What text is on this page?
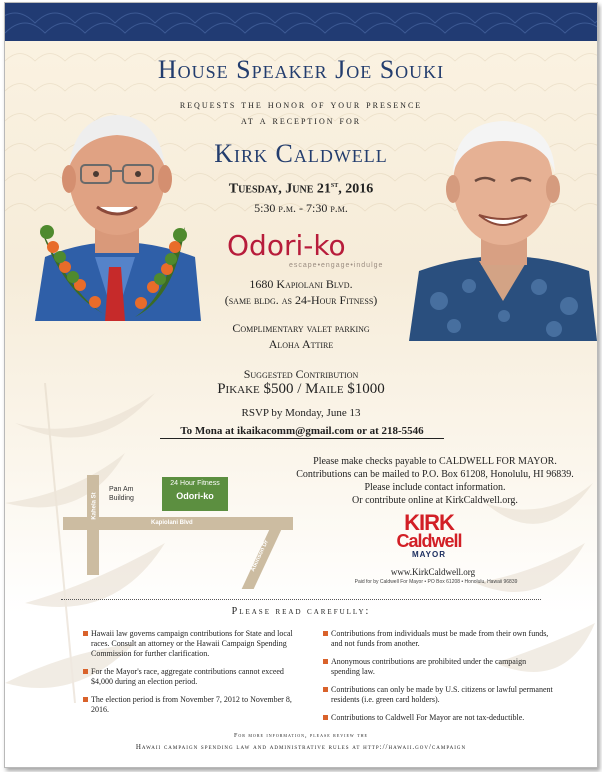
House Speaker Joe Souki
requests the honor of your presence
at a reception for
Kirk Caldwell
Tuesday, June 21st, 2016
5:30 p.m. - 7:30 p.m.
Odori-ko
escape•engage•indulge
1680 Kapiolani Blvd.
(same bldg. as 24-Hour Fitness)
Complimentary valet parking
Aloha Attire
Suggested Contribution
Pikake $500 / Maile $1000
RSVP by Monday, June 13
To Mona at ikaikacomm@gmail.com or at 218-5546
Please make checks payable to CALDWELL FOR MAYOR.
Contributions can be mailed to P.O. Box 61208, Honolulu, HI 96839.
Please include contact information.
Or contribute online at KirkCaldwell.org.
Kahela St
Kapiolani Blvd
Atkinson Dr
Pan Am
Building
24 Hour Fitness
Odori-ko
KIRK
Caldwell
MAYOR
www.KirkCaldwell.org
Paid for by Caldwell For Mayor • PO Box 61208 • Honolulu, Hawaii 96839
Please read carefully:
Hawaii law governs campaign contributions for State and local races. Consult an attorney or the Hawaii Campaign Spending Commission for further clarification.
For the Mayor's race, aggregate contributions cannot exceed $4,000 during an election period.
The election period is from November 7, 2012 to November 8, 2016.
Contributions from individuals must be made from their own funds, and not funds from another.
Anonymous contributions are prohibited under the campaign spending law.
Contributions can only be made by U.S. citizens or lawful permanent residents (i.e. green card holders).
Contributions to Caldwell For Mayor are not tax-deductible.
For more information, please review the
Hawaii campaign spending law and administrative rules at http://hawaii.gov/campaign
